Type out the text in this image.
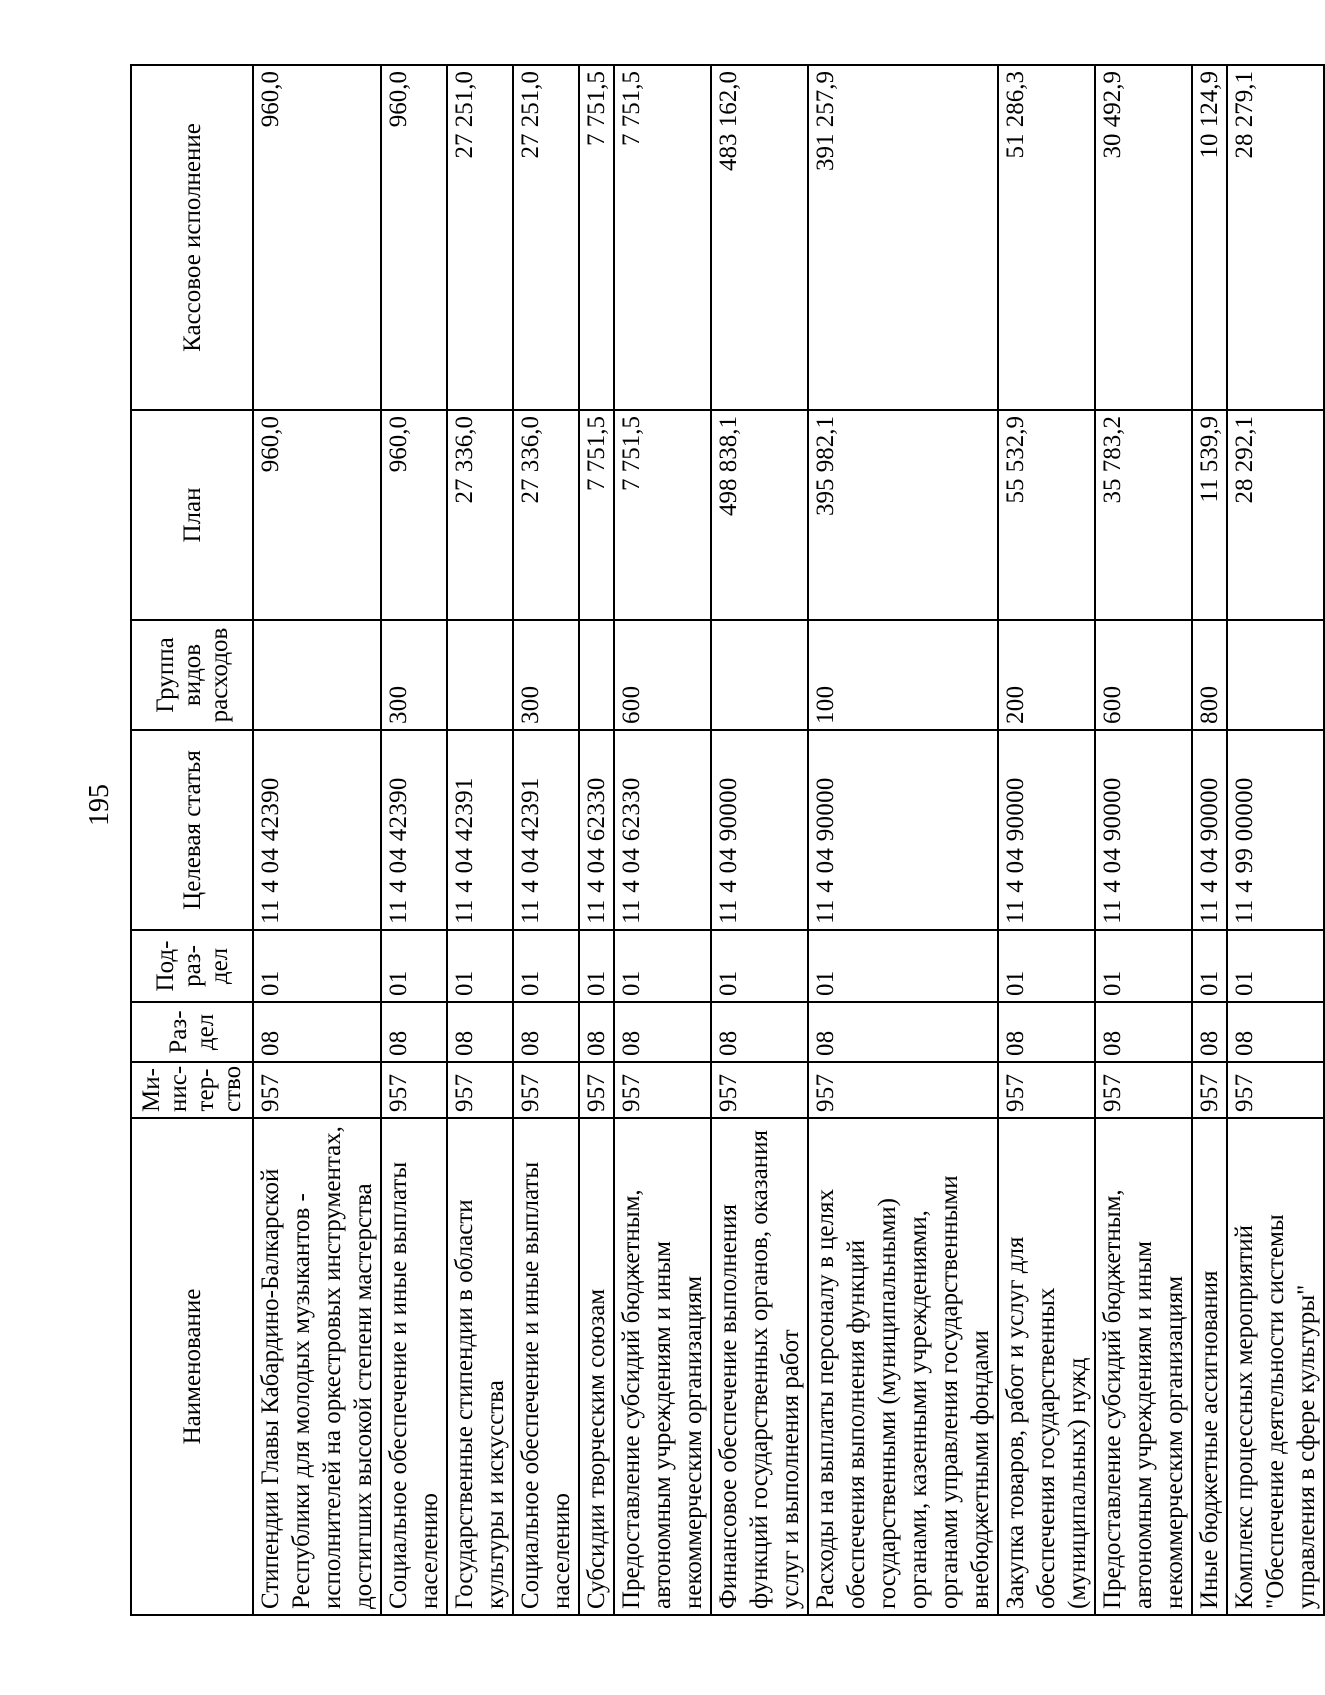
195
Наименование	Ми-нис-тер-ство	Раз-дел	Под-раз-дел	Целевая статья	Группа видов расходов	План	Кассовое исполнение
Стипендии Главы Кабардино-Балкарской Республики для молодых музыкантов - исполнителей на оркестровых инструментах, достигших высокой степени мастерства	957	08	01	11 4 04 42390		960,0	960,0
Социальное обеспечение и иные выплаты населению	957	08	01	11 4 04 42390	300	960,0	960,0
Государственные стипендии в области культуры и искусства	957	08	01	11 4 04 42391		27 336,0	27 251,0
Социальное обеспечение и иные выплаты населению	957	08	01	11 4 04 42391	300	27 336,0	27 251,0
Субсидии творческим союзам	957	08	01	11 4 04 62330		7 751,5	7 751,5
Предоставление субсидий бюджетным, автономным учреждениям и иным некоммерческим организациям	957	08	01	11 4 04 62330	600	7 751,5	7 751,5
Финансовое обеспечение выполнения функций государственных органов, оказания услуг и выполнения работ	957	08	01	11 4 04 90000		498 838,1	483 162,0
Расходы на выплаты персоналу в целях обеспечения выполнения функций государственными (муниципальными) органами, казенными учреждениями, органами управления государственными внебюджетными фондами	957	08	01	11 4 04 90000	100	395 982,1	391 257,9
Закупка товаров, работ и услуг для обеспечения государственных (муниципальных) нужд	957	08	01	11 4 04 90000	200	55 532,9	51 286,3
Предоставление субсидий бюджетным, автономным учреждениям и иным некоммерческим организациям	957	08	01	11 4 04 90000	600	35 783,2	30 492,9
Иные бюджетные ассигнования	957	08	01	11 4 04 90000	800	11 539,9	10 124,9
Комплекс процессных мероприятий "Обеспечение деятельности системы управления в сфере культуры"	957	08	01	11 4 99 00000		28 292,1	28 279,1
